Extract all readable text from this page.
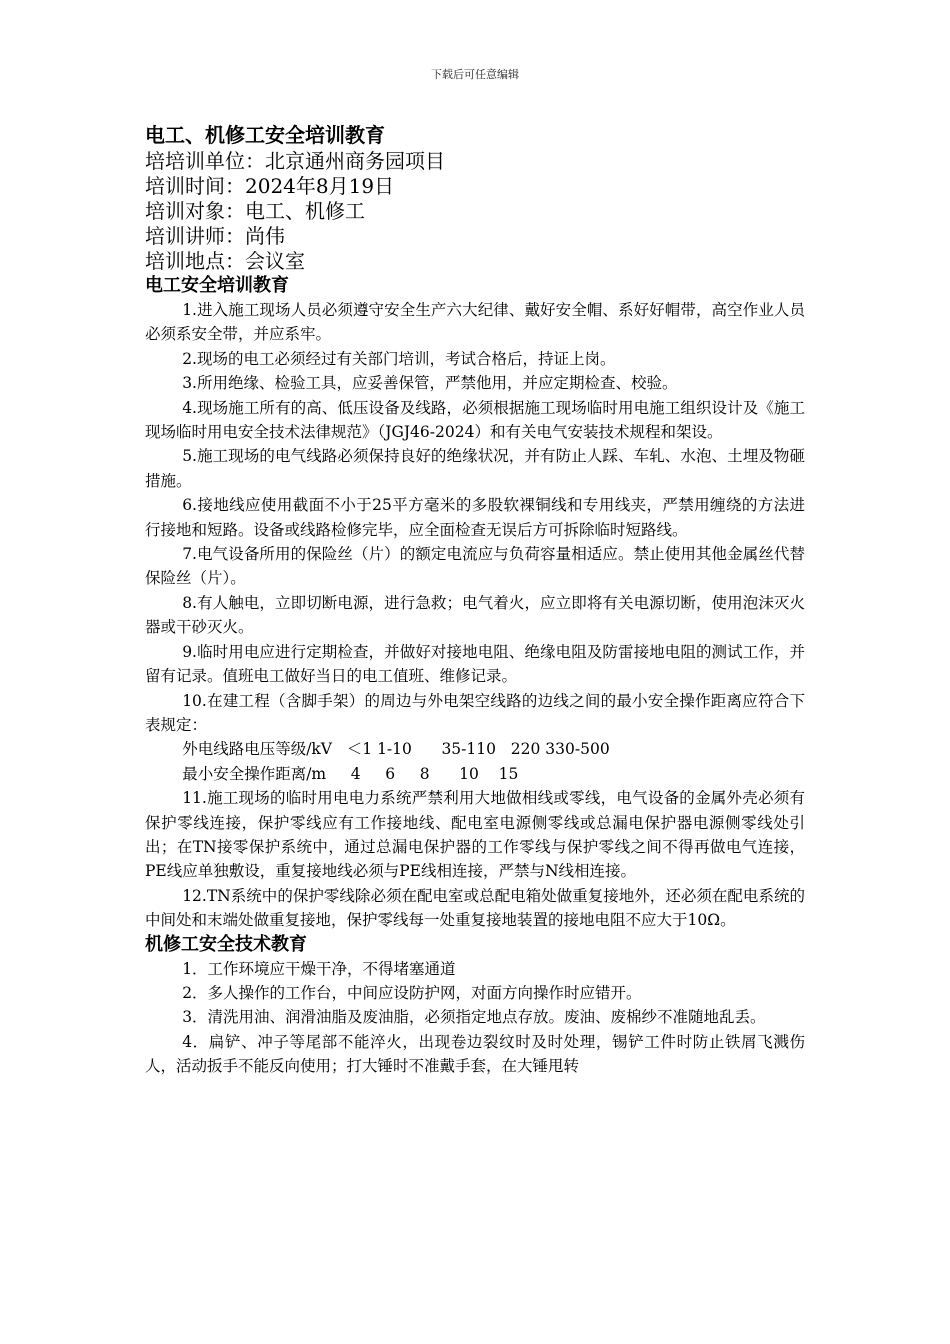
下载后可任意编辑

电工、机修工安全培训教育

培培训单位：北京通州商务园项目

培训时间：2024年8月19日

培训对象：电工、机修工

培训讲师：尚伟

培训地点：会议室

电工安全培训教育

1.进入施工现场人员必须遵守安全生产六大纪律、戴好安全帽、系好好帽带，高空作业人员必须系安全带，并应系牢。

2.现场的电工必须经过有关部门培训，考试合格后，持证上岗。

3.所用绝缘、检验工具，应妥善保管，严禁他用，并应定期检查、校验。

4.现场施工所有的高、低压设备及线路，必须根据施工现场临时用电施工组织设计及《施工现场临时用电安全技术法律规范》（JGJ46-2024）和有关电气安装技术规程和架设。

5.施工现场的电气线路必须保持良好的绝缘状况，并有防止人踩、车轧、水泡、土埋及物砸措施。

6.接地线应使用截面不小于25平方毫米的多股软裸铜线和专用线夹，严禁用缠绕的方法进行接地和短路。设备或线路检修完毕，应全面检查无误后方可拆除临时短路线。

7.电气设备所用的保险丝（片）的额定电流应与负荷容量相适应。禁止使用其他金属丝代替保险丝（片）。

8.有人触电，立即切断电源，进行急救；电气着火，应立即将有关电源切断，使用泡沫灭火器或干砂灭火。

9.临时用电应进行定期检查，并做好对接地电阻、绝缘电阻及防雷接地电阻的测试工作，并留有记录。值班电工做好当日的电工值班、维修记录。

10.在建工程（含脚手架）的周边与外电架空线路的边线之间的最小安全操作距离应符合下表规定：

外电线路电压等级/kV   ＜1 1-10      35-110   220 330-500

最小安全操作距离/m     4     6     8      10    15

11.施工现场的临时用电电力系统严禁利用大地做相线或零线，电气设备的金属外壳必须有保护零线连接，保护零线应有工作接地线、配电室电源侧零线或总漏电保护器电源侧零线处引出；在TN接零保护系统中，通过总漏电保护器的工作零线与保护零线之间不得再做电气连接，PE线应单独敷设，重复接地线必须与PE线相连接，严禁与N线相连接。

12.TN系统中的保护零线除必须在配电室或总配电箱处做重复接地外，还必须在配电系统的中间处和末端处做重复接地，保护零线每一处重复接地装置的接地电阻不应大于10Ω。

机修工安全技术教育

1．工作环境应干燥干净，不得堵塞通道

2．多人操作的工作台，中间应设防护网，对面方向操作时应错开。

3．清洗用油、润滑油脂及废油脂，必须指定地点存放。废油、废棉纱不准随地乱丢。

4．扁铲、冲子等尾部不能淬火，出现卷边裂纹时及时处理，锡铲工件时防止铁屑飞溅伤人，活动扳手不能反向使用；打大锤时不准戴手套，在大锤甩转
